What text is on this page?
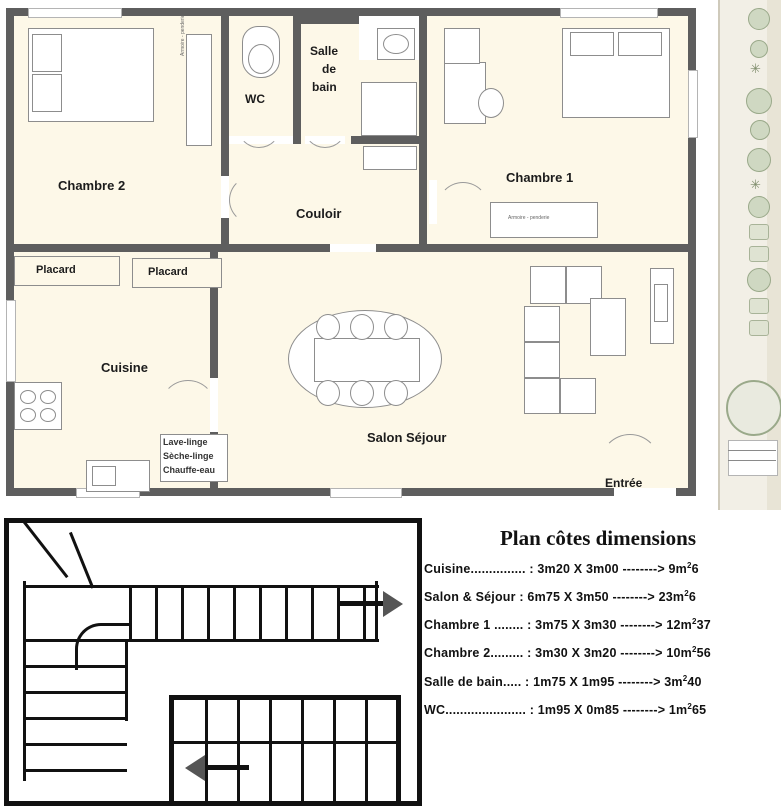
✳
✳
Armoire - penderie
Chambre 2
WC
Salle
de
bain
Armoire - penderie
Chambre 1
Couloir
Placard	Placard
Lave-linge
Sèche-linge
Chauffe-eau
Cuisine
Salon Séjour
Entrée
Plan côtes dimensions
Cuisine............... : 3m20 X 3m00 --------> $9m^26$
Salon & Séjour : 6m75 X 3m50 --------> $23m^26$
Chambre 1 ........ : 3m75 X 3m30 --------> $12m^237$
Chambre 2......... : 3m30 X 3m20 --------> $10m^256$
Salle de bain..... : 1m75 X 1m95 --------> $3m^240$
WC...................... : 1m95 X 0m85 --------> $1m^265$
